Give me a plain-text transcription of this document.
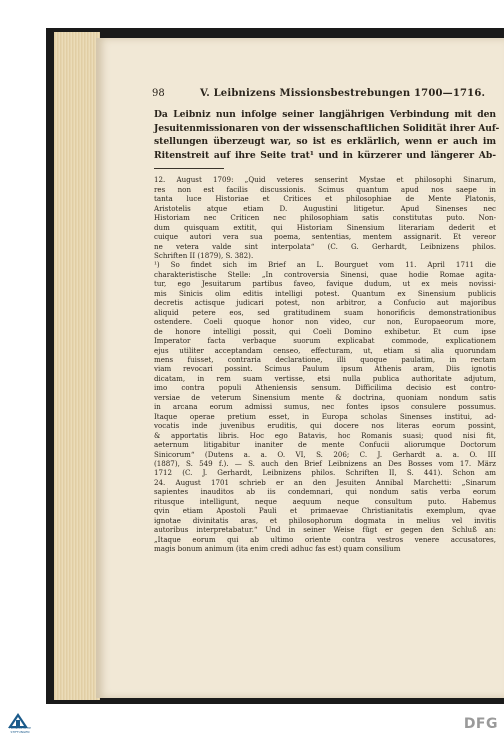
98	V. Leibnizens Missionsbestrebungen 1700—1716.
Da Leibniz nun infolge seiner langjährigen Verbindung mit den
Jesuitenmissionaren von der wissenschaftlichen Solidität ihrer Auf-
stellungen überzeugt war, so ist es erklärlich, wenn er auch im
Ritenstreit auf ihre Seite trat¹ und in kürzerer und längerer Ab-
12. August 1709: „Quid veteres senserint Mystae et philosophi Sinarum,
res non est facilis discussionis. Scimus quantum apud nos saepe in
tanta luce Historiae et Critices et philosophiae de Mente Platonis,
Aristotelis atque etiam D. Augustini litigetur. Apud Sinenses nec
Historiam nec Criticen nec philosophiam satis constitutas puto. Non-
dum quisquam extitit, qui Historiam Sinensium literariam dederit et
cuique autori vera sua poema, sententias, mentem assignarit. Et vereor
ne vetera valde sint interpolata“ (C. G. Gerhardt, Leibnizens philos.
Schriften II (1879), S. 382).
¹) So findet sich im Brief an L. Bourguet vom 11. April 1711 die
charakteristische Stelle: „In controversia Sinensi, quae hodie Romae agita-
tur, ego Jesuitarum partibus faveo, favique dudum, ut ex meis novissi-
mis Sinicis olim editis intelligi potest. Quantum ex Sinensium publicis
decretis actisque judicari potest, non arbitror, a Confucio aut majoribus
aliquid petere eos, sed gratitudinem suam honorificis demonstrationibus
ostendere. Coeli quoque honor non video, cur non, Europaeorum more,
de honore intelligi possit, qui Coeli Domino exhibetur. Et cum ipse
Imperator facta verbaque suorum explicabat commode, explicationem
ejus utiliter acceptandam censeo, effecturam, ut, etiam si alia quorundam
mens fuisset, contraria declaratione, illi quoque paulatim, in rectam
viam revocari possint. Scimus Paulum ipsum Athenis aram, Diis ignotis
dicatam, in rem suam vertisse, etsi nulla publica authoritate adjutum,
imo contra populi Atheniensis sensum. Difficilima decisio est contro-
versiae de veterum Sinensium mente & doctrina, quoniam nondum satis
in arcana eorum admissi sumus, nec fontes ipsos consulere possumus.
Itaque operae pretium esset, in Europa scholas Sinenses institui, ad-
vocatis inde juvenibus eruditis, qui docere nos literas eorum possint,
& apportatis libris. Hoc ego Batavis, hoc Romanis suasi; quod nisi fit,
aeternum litigabitur inaniter de mente Confucii aliorumque Doctorum
Sinicorum“ (Dutens a. a. O. VI, S. 206; C. J. Gerhardt a. a. O. III
(1887), S. 549 f.). — S. auch den Brief Leibnizens an Des Bosses vom 17. März
1712 (C. J. Gerhardt, Leibnizens philos. Schriften II, S. 441). Schon am
24. August 1701 schrieb er an den Jesuiten Annibal Marchetti: „Sinarum
sapientes inauditos ab iis condemnari, qui nondum satis verba eorum
ritusque intelligunt, neque aequum neque consultum puto. Habemus
qvin etiam Apostoli Pauli et primaevae Christianitatis exemplum, qvae
ignotae divinitatis aras, et philosophorum dogmata in melius vel invitis
autoribus interpretabatur.“ Und in seiner Weise fügt er gegen den Schluß an:
„Itaque eorum qui ab ultimo oriente contra vestros venere accusatores,
magis bonum animum (ita enim credi adhuc fas est) quam consilium
FRANCKESCHE STIFTUNGEN	DFG
